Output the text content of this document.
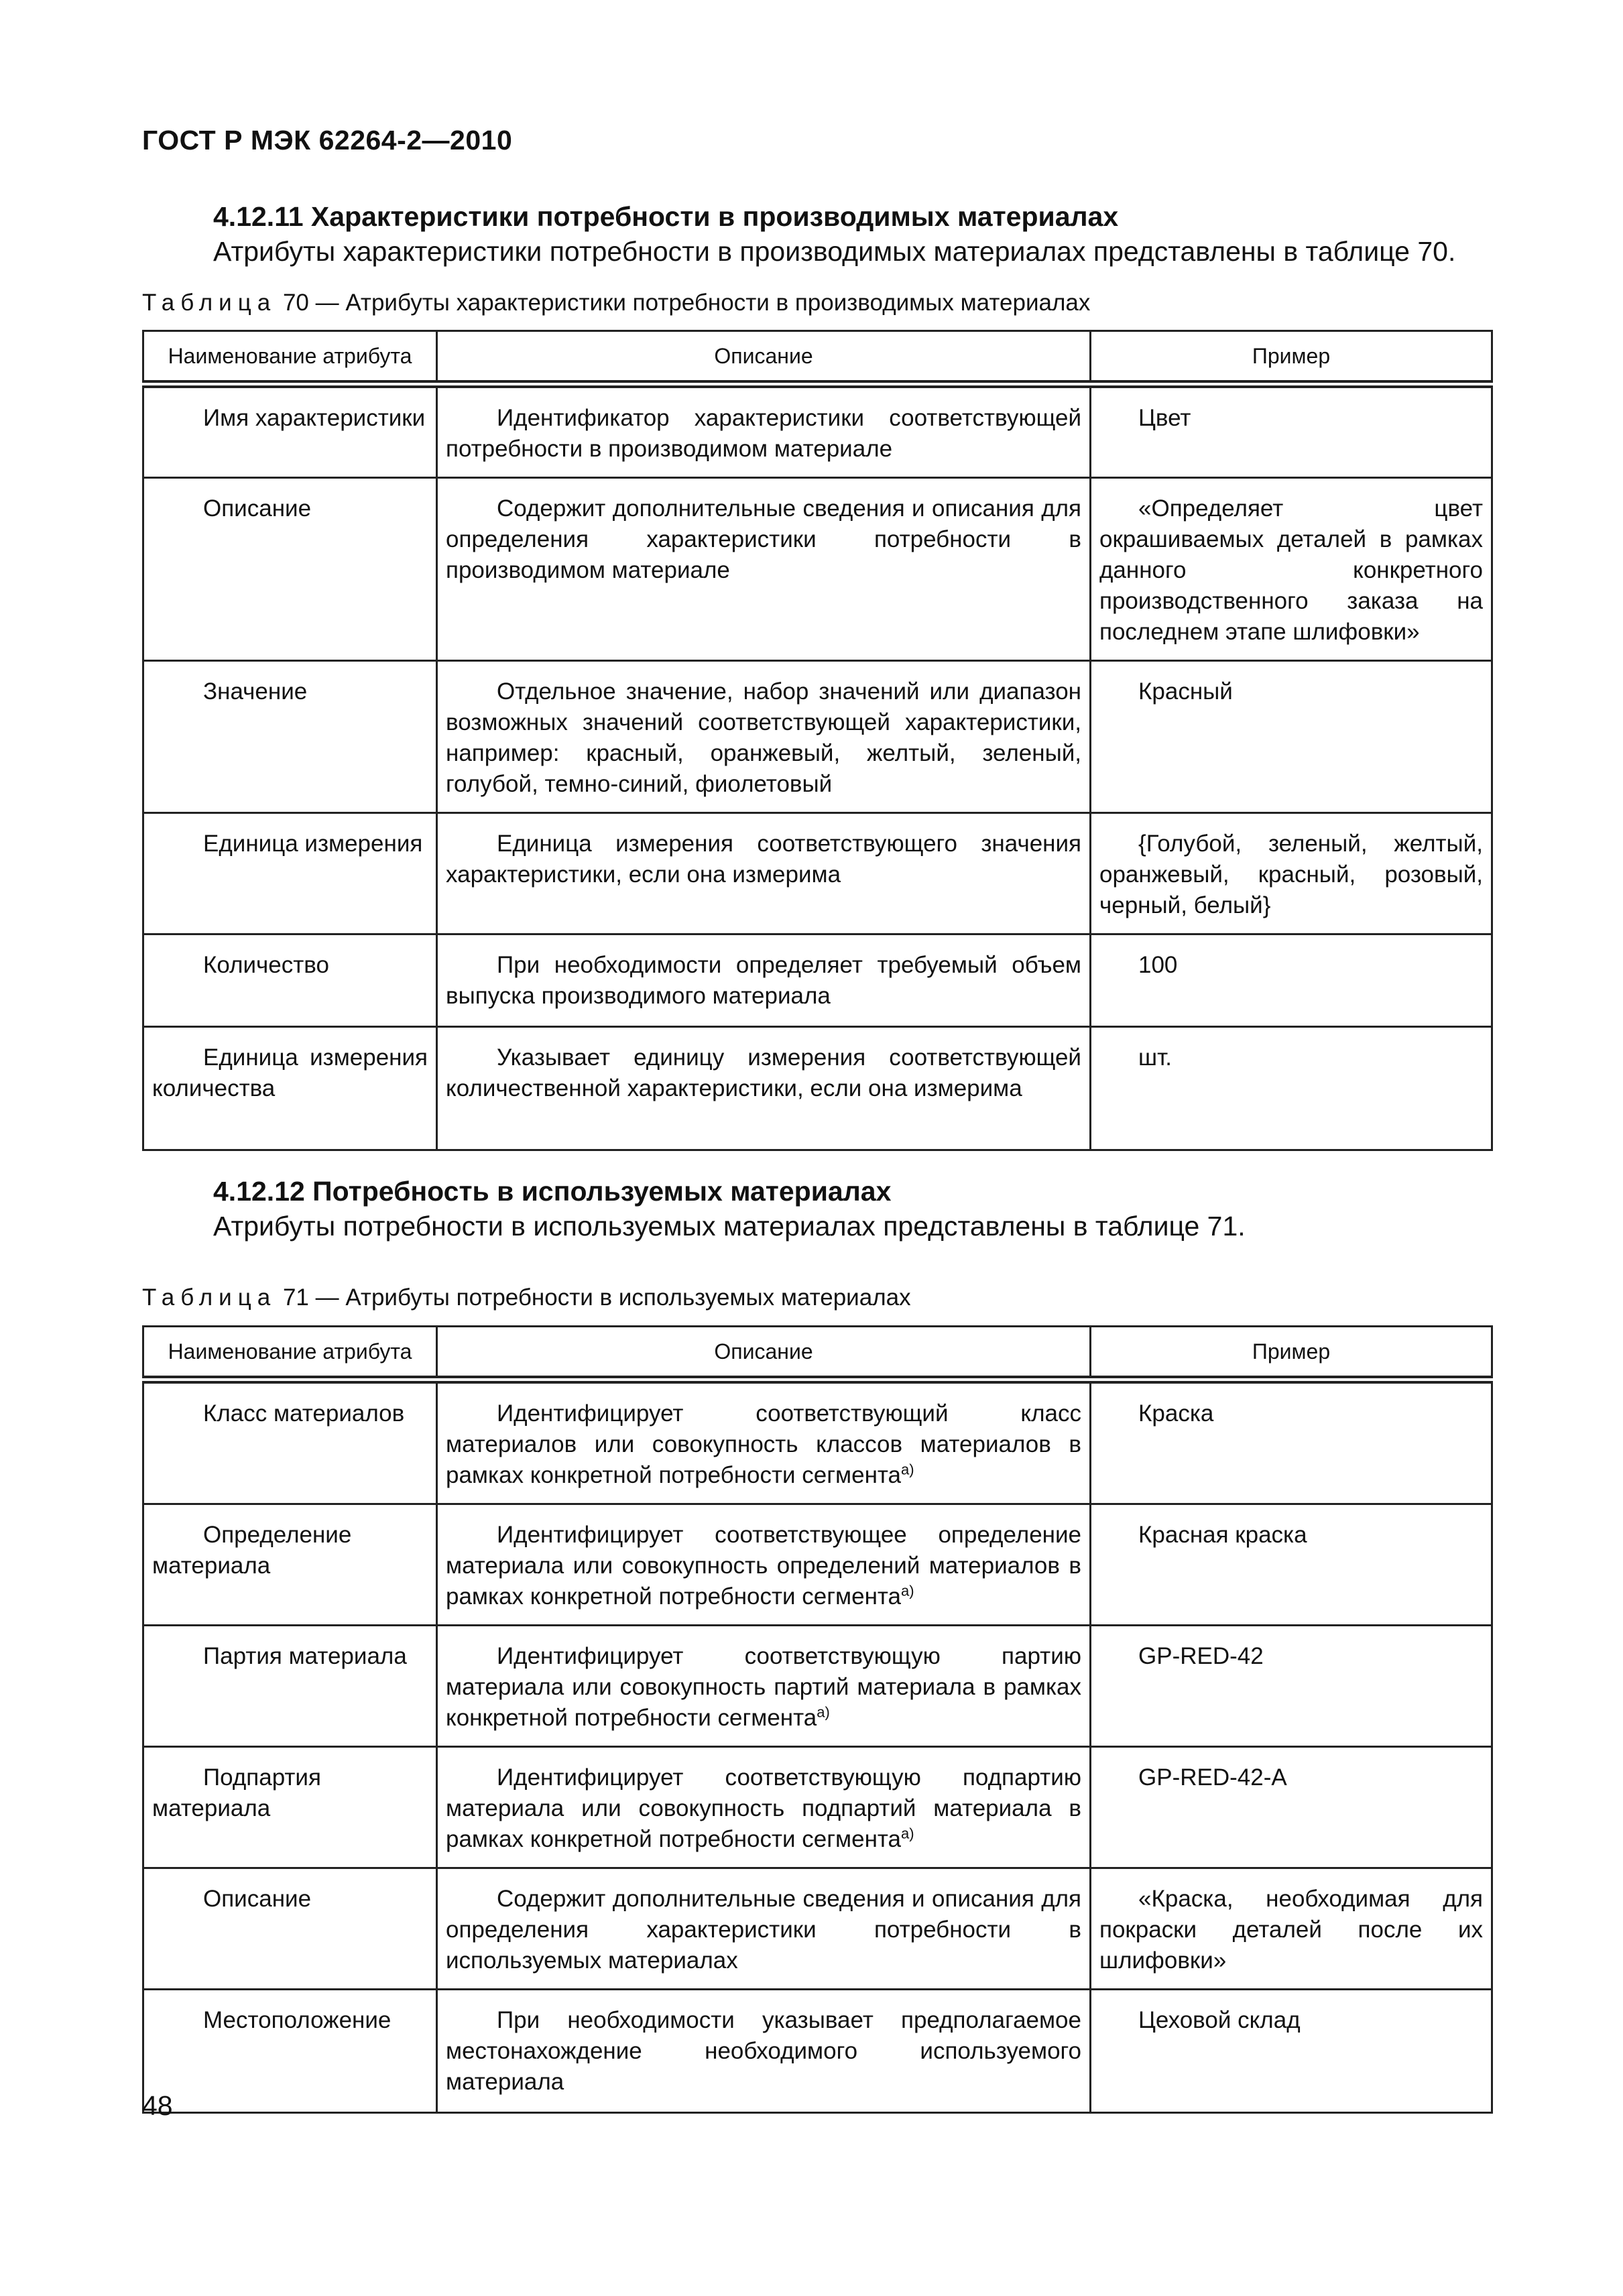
ГОСТ Р МЭК 62264-2—2010
4.12.11 Характеристики потребности в производимых материалах
Атрибуты характеристики потребности в производимых материалах представлены в таблице 70.
Таблица 70 — Атрибуты характеристики потребности в производимых материалах
Наименование атрибута	Описание	Пример
Имя характеристики	Идентификатор характеристики соответствующей потребности в производимом материале	Цвет
Описание	Содержит дополнительные сведения и описания для определения характеристики потребности в производимом материале	«Определяет цвет окрашиваемых деталей в рамках данного конкретного производственного заказа на последнем этапе шлифовки»
Значение	Отдельное значение, набор значений или диапазон возможных значений соответствующей характеристики, например: красный, оранжевый, желтый, зеленый, голубой, темно-синий, фиолетовый	Красный
Единица измерения	Единица измерения соответствующего значения характеристики, если она измерима	{Голубой, зеленый, желтый, оранжевый, красный, розовый, черный, белый}
Количество	При необходимости определяет требуемый объем выпуска производимого материала	100
Единица измерения количества	Указывает единицу измерения соответствующей количественной характеристики, если она измерима	шт.
4.12.12 Потребность в используемых материалах
Атрибуты потребности в используемых материалах представлены в таблице 71.
Таблица 71 — Атрибуты потребности в используемых материалах
Наименование атрибута	Описание	Пример
Класс материалов	Идентифицирует соответствующий класс материалов или совокупность классов материалов в рамках конкретной потребности сегмента$^{a)}$	Краска
Определение материала	Идентифицирует соответствующее определение материала или совокупность определений материалов в рамках конкретной потребности сегмента$^{a)}$	Красная краска
Партия материала	Идентифицирует соответствующую партию материала или совокупность партий материала в рамках конкретной потребности сегмента$^{a)}$	GP-RED-42
Подпартия материала	Идентифицирует соответствующую подпартию материала или совокупность подпартий материала в рамках конкретной потребности сегмента$^{a)}$	GP-RED-42-A
Описание	Содержит дополнительные сведения и описания для определения характеристики потребности в используемых материалах	«Краска, необходимая для покраски деталей после их шлифовки»
Местоположение	При необходимости указывает предполагаемое местонахождение необходимого используемого материала	Цеховой склад
48
